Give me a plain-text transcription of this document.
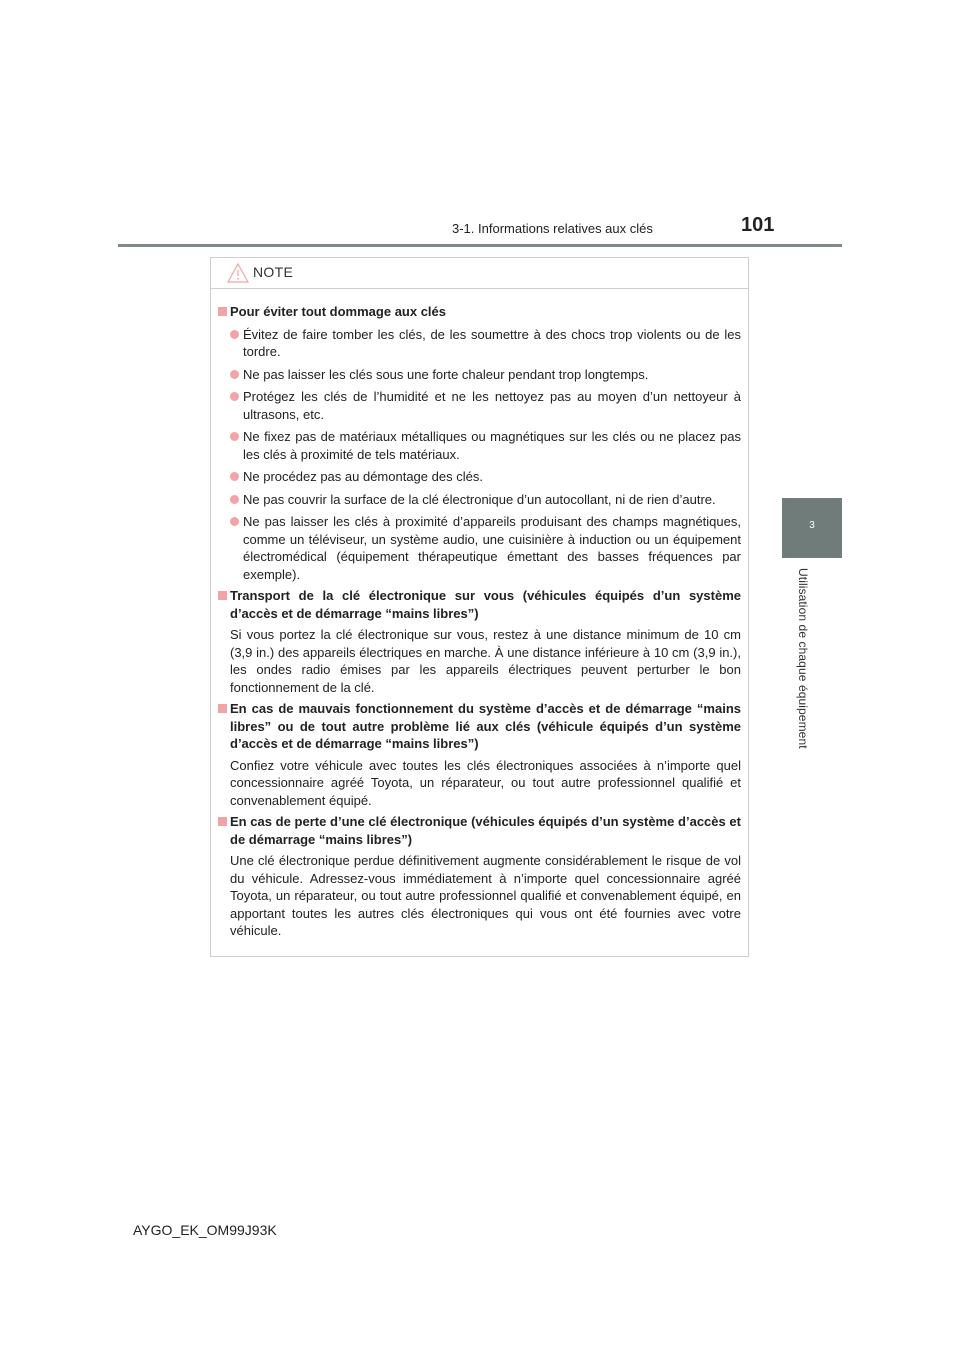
3-1. Informations relatives aux clés	101
3
Utilisation de chaque équipement
NOTE
Pour éviter tout dommage aux clés
Évitez de faire tomber les clés, de les soumettre à des chocs trop violents ou de les tordre.
Ne pas laisser les clés sous une forte chaleur pendant trop longtemps.
Protégez les clés de l’humidité et ne les nettoyez pas au moyen d’un nettoyeur à ultrasons, etc.
Ne fixez pas de matériaux métalliques ou magnétiques sur les clés ou ne placez pas les clés à proximité de tels matériaux.
Ne procédez pas au démontage des clés.
Ne pas couvrir la surface de la clé électronique d’un autocollant, ni de rien d’autre.
Ne pas laisser les clés à proximité d’appareils produisant des champs magnétiques, comme un téléviseur, un système audio, une cuisinière à induction ou un équipement électromédical (équipement thérapeutique émettant des basses fréquences par exemple).
Transport de la clé électronique sur vous (véhicules équipés d’un système d’accès et de démarrage “mains libres”)
Si vous portez la clé électronique sur vous, restez à une distance minimum de 10 cm (3,9 in.) des appareils électriques en marche. À une distance inférieure à 10 cm (3,9 in.), les ondes radio émises par les appareils électriques peuvent perturber le bon fonctionnement de la clé.
En cas de mauvais fonctionnement du système d’accès et de démarrage “mains libres” ou de tout autre problème lié aux clés (véhicule équipés d’un système d’accès et de démarrage “mains libres”)
Confiez votre véhicule avec toutes les clés électroniques associées à n’importe quel concessionnaire agréé Toyota, un réparateur, ou tout autre professionnel qualifié et convenablement équipé.
En cas de perte d’une clé électronique (véhicules équipés d’un système d’accès et de démarrage “mains libres”)
Une clé électronique perdue définitivement augmente considérablement le risque de vol du véhicule. Adressez-vous immédiatement à n’importe quel concessionnaire agréé Toyota, un réparateur, ou tout autre professionnel qualifié et convenablement équipé, en apportant toutes les autres clés électroniques qui vous ont été fournies avec votre véhicule.
AYGO_EK_OM99J93K
